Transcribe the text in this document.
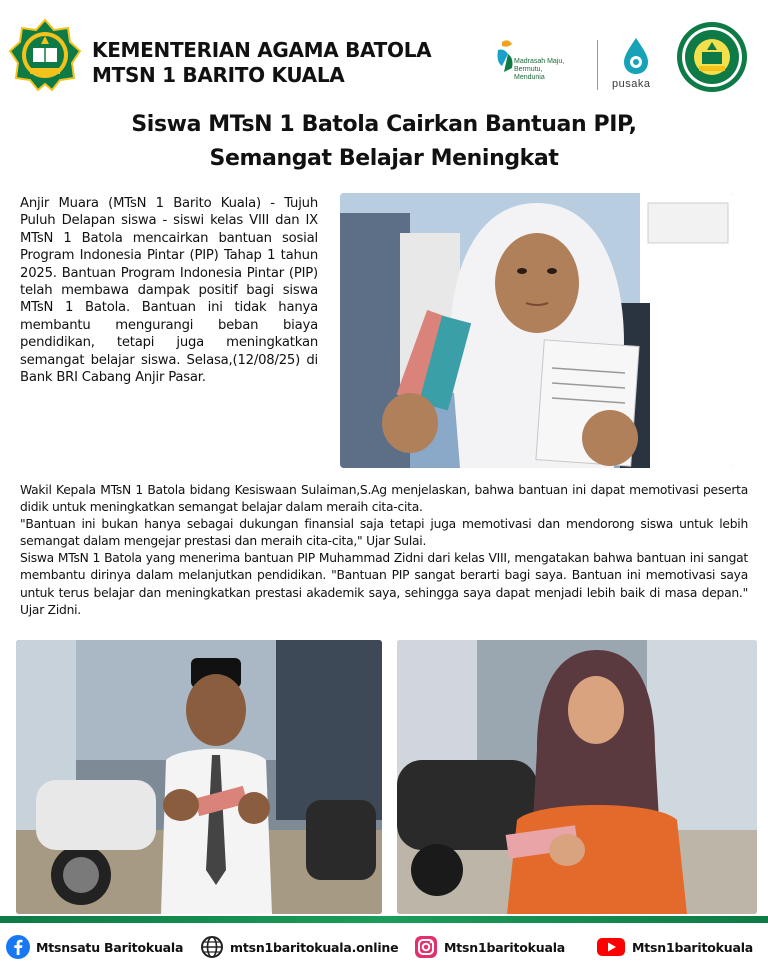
KEMENTERIAN AGAMA BATOLA
MTSN 1 BARITO KUALA
Madrasah Maju,
Bermutu,
Mendunia
pusaka
Siswa MTsN 1 Batola Cairkan Bantuan PIP,
Semangat Belajar Meningkat
Anjir Muara (MTsN 1 Barito Kuala) - Tujuh Puluh Delapan siswa - siswi kelas VIII dan IX MTsN 1 Batola mencairkan bantuan sosial Program Indonesia Pintar (PIP) Tahap 1 tahun 2025. Bantuan Program Indonesia Pintar (PIP) telah membawa dampak positif bagi siswa MTsN 1 Batola. Bantuan ini tidak hanya membantu mengurangi beban biaya pendidikan, tetapi juga meningkatkan semangat belajar siswa. Selasa,(12/08/25) di Bank BRI Cabang Anjir Pasar.

Wakil Kepala MTsN 1 Batola bidang Kesiswaan Sulaiman,S.Ag menjelaskan, bahwa bantuan ini dapat memotivasi peserta didik untuk meningkatkan semangat belajar dalam meraih cita-cita.

"Bantuan ini bukan hanya sebagai dukungan finansial saja tetapi juga memotivasi dan mendorong siswa untuk lebih semangat dalam mengejar prestasi dan meraih cita-cita," Ujar Sulai.

Siswa MTsN 1 Batola yang menerima bantuan PIP Muhammad Zidni dari kelas VIII, mengatakan bahwa bantuan ini sangat membantu dirinya dalam melanjutkan pendidikan. "Bantuan PIP sangat berarti bagi saya. Bantuan ini memotivasi saya untuk terus belajar dan meningkatkan prestasi akademik saya, sehingga saya dapat menjadi lebih baik di masa depan." Ujar Zidni.

Mtsnsatu Baritokuala	mtsn1baritokuala.online	Mtsn1baritokuala	Mtsn1baritokuala
